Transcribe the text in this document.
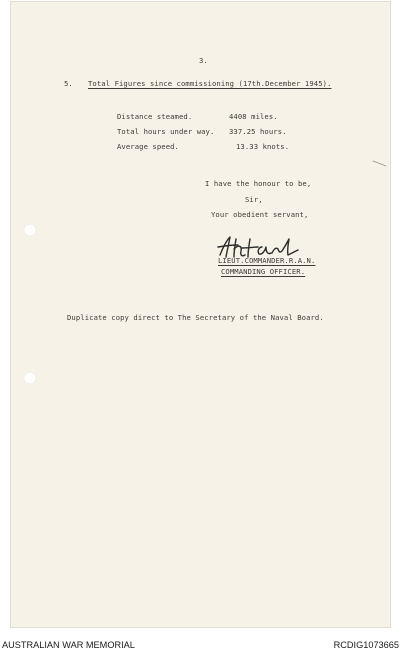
3.
5. Total Figures since commissioning (17th.December 1945).
Distance steamed.	4408 miles.
Total hours under way. 337.25 hours.
Average speed.	13.33 knots.
I have the honour to be,
Sir,
Your obedient servant,
LIEUT.COMMANDER.R.A.N.
COMMANDING OFFICER.
Duplicate copy direct to The Secretary of the Naval Board.
AUSTRALIAN WAR MEMORIAL	RCDIG1073665
